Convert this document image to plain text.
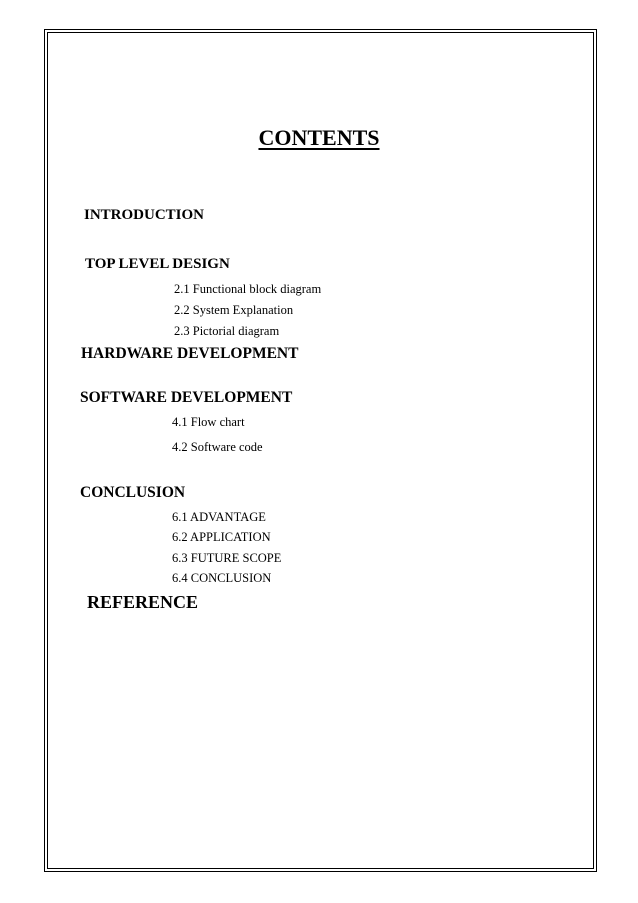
CONTENTS
INTRODUCTION
TOP LEVEL DESIGN
2.1 Functional block diagram
2.2 System Explanation
2.3 Pictorial diagram
HARDWARE DEVELOPMENT
SOFTWARE DEVELOPMENT
4.1 Flow chart
4.2 Software code
CONCLUSION
6.1 ADVANTAGE
6.2 APPLICATION
6.3 FUTURE SCOPE
6.4 CONCLUSION
REFERENCE
